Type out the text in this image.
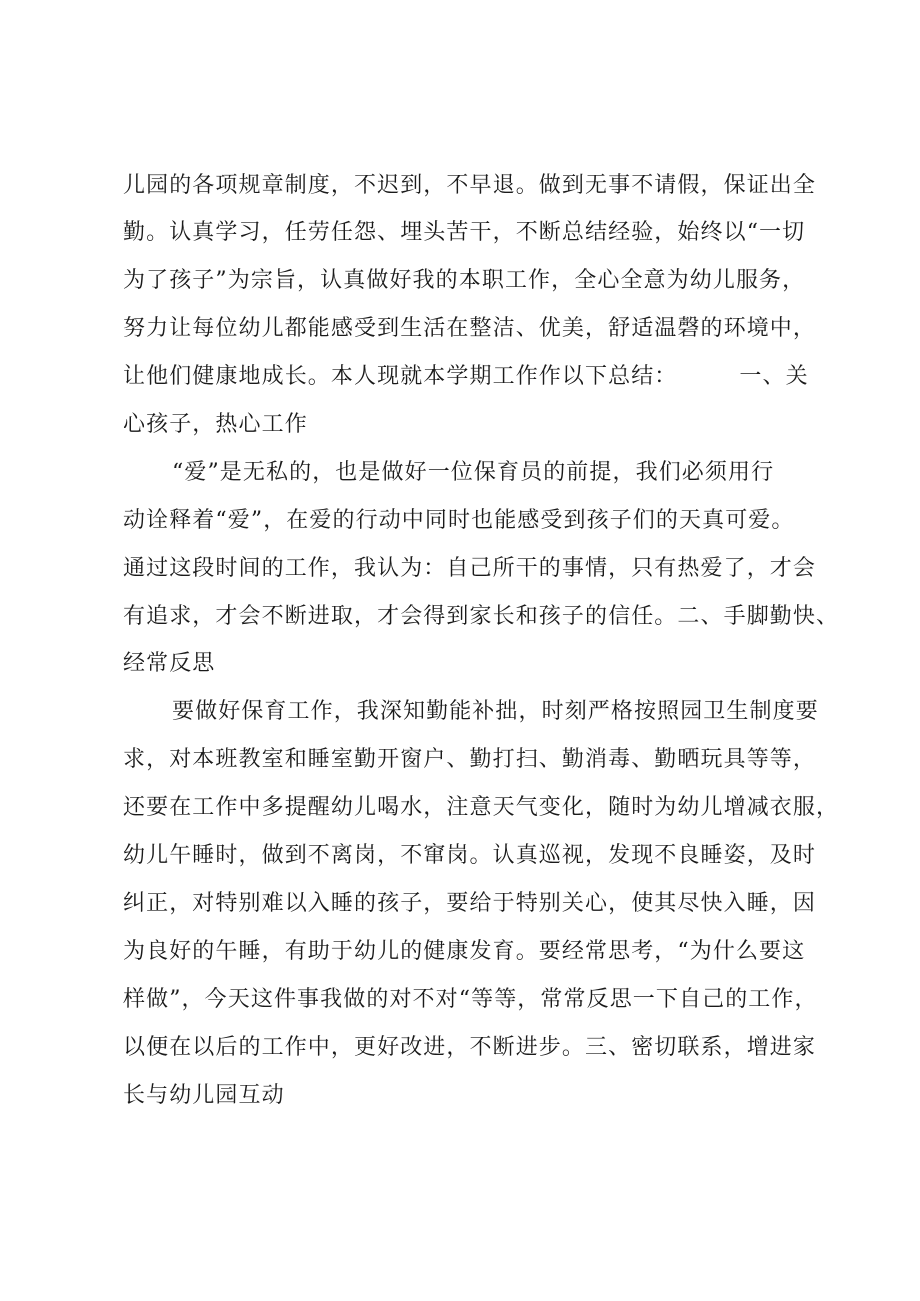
儿园的各项规章制度，不迟到，不早退。做到无事不请假，保证出全
勤。认真学习，任劳任怨、埋头苦干，不断总结经验，始终以“一切
为了孩子”为宗旨，认真做好我的本职工作，全心全意为幼儿服务，
努力让每位幼儿都能感受到生活在整洁、优美，舒适温磬的环境中，
让他们健康地成长。本人现就本学期工作作以下总结：	一、关
心孩子，热心工作
“爱”是无私的，也是做好一位保育员的前提，我们必须用行
动诠释着“爱”，在爱的行动中同时也能感受到孩子们的天真可爱。
通过这段时间的工作，我认为：自己所干的事情，只有热爱了，才会
有追求，才会不断进取，才会得到家长和孩子的信任。二、手脚勤快、
经常反思
要做好保育工作，我深知勤能补拙，时刻严格按照园卫生制度要
求，对本班教室和睡室勤开窗户、勤打扫、勤消毒、勤晒玩具等等，
还要在工作中多提醒幼儿喝水，注意天气变化，随时为幼儿增减衣服，
幼儿午睡时，做到不离岗，不窜岗。认真巡视，发现不良睡姿，及时
纠正，对特别难以入睡的孩子，要给于特别关心，使其尽快入睡，因
为良好的午睡，有助于幼儿的健康发育。要经常思考，“为什么要这
样做”，今天这件事我做的对不对“等等，常常反思一下自己的工作，
以便在以后的工作中，更好改进，不断进步。三、密切联系，增进家
长与幼儿园互动
